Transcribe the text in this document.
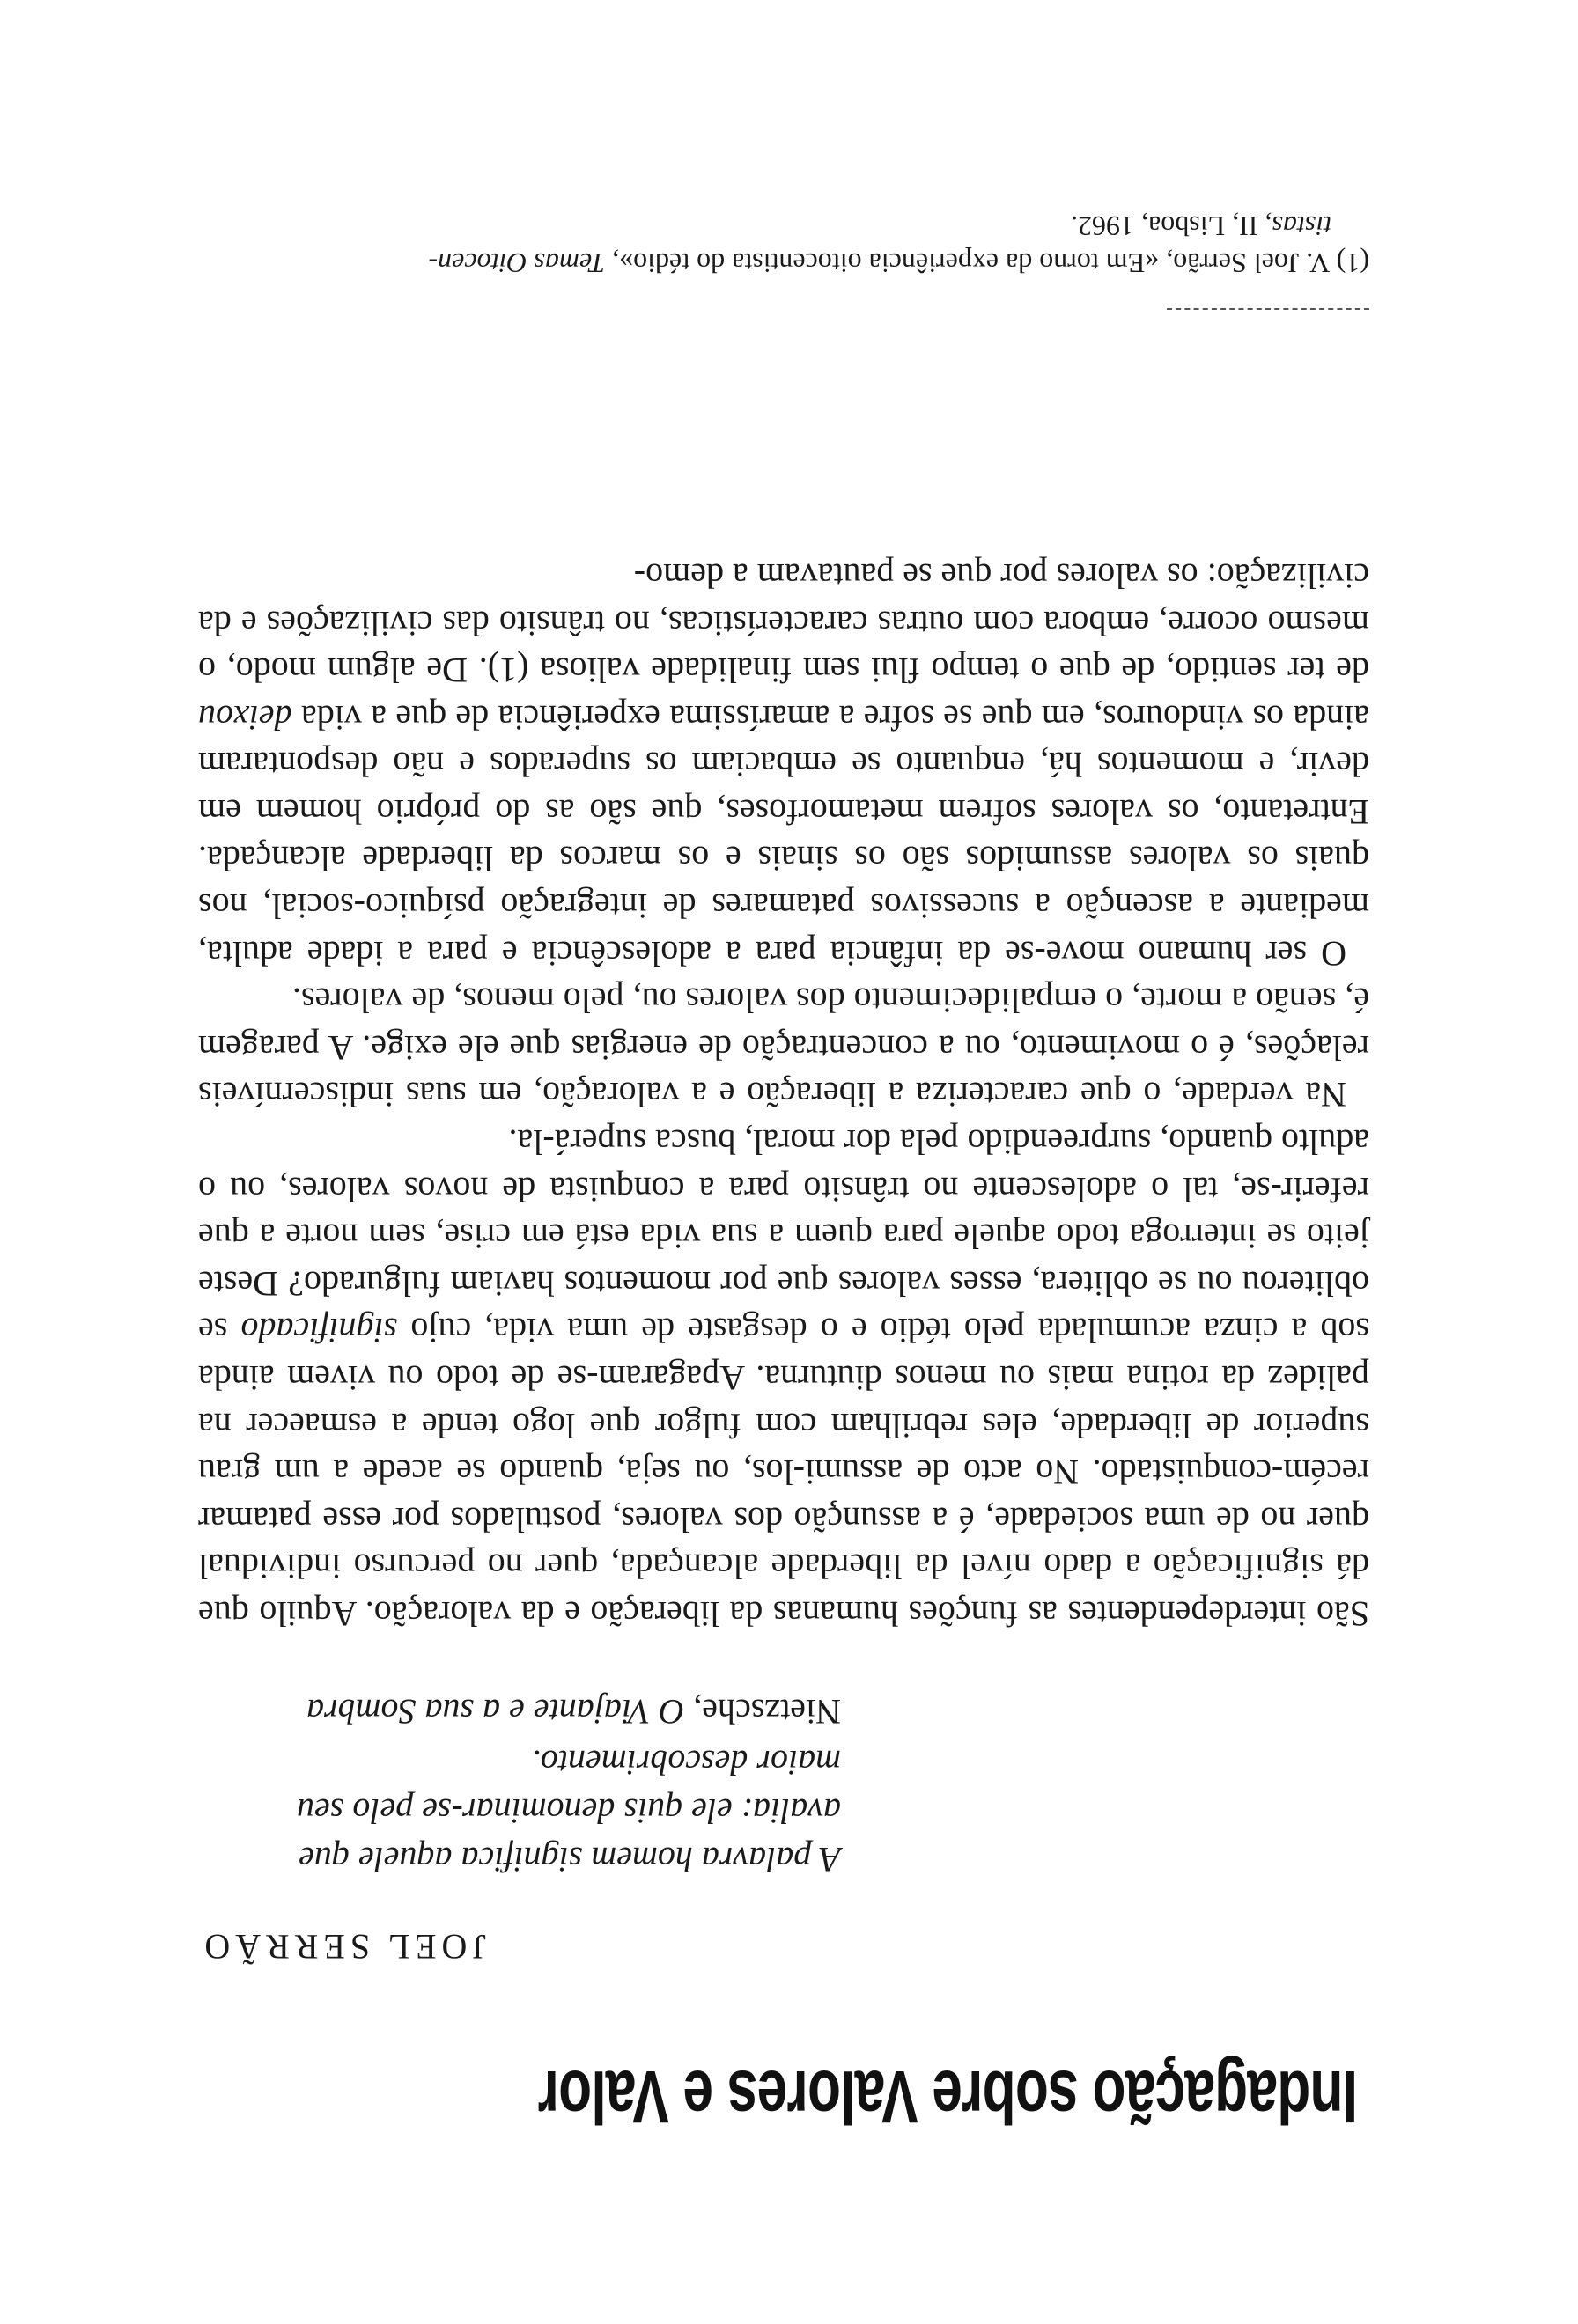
Indagação sobre Valores e Valor
JOEL SERRÃO
A palavra homem significa aquele que
avalia: ele quis denominar-se pelo seu
maior descobrimento.
Nietzsche, O Viajante e a sua Sombra

São interdependentes as funções humanas da liberação e da valoração. Aquilo que dá significação a dado nível da liberdade alcançada, quer no percurso individual quer no de uma sociedade, é a assunção dos valores, postulados por esse patamar recém-conquistado. No acto de assumi-los, ou seja, quando se acede a um grau superior de liberdade, eles rebrilham com fulgor que logo tende a esmaecer na palidez da rotina mais ou menos diuturna. Apagaram-se de todo ou vivem ainda sob a cinza acumulada pelo tédio e o desgaste de uma vida, cujo significado se obliterou ou se oblitera, esses valores que por momentos haviam fulgurado? Deste jeito se interroga todo aquele para quem a sua vida está em crise, sem norte a que referir-se, tal o adolescente no trânsito para a conquista de novos valores, ou o adulto quando, surpreendido pela dor moral, busca superá-la.

Na verdade, o que caracteriza a liberação e a valoração, em suas indiscerníveis relações, é o movimento, ou a concentração de energias que ele exige. A paragem é, senão a morte, o empalidecimento dos valores ou, pelo menos, de valores.

O ser humano move-se da infância para a adolescência e para a idade adulta, mediante a ascenção a sucessivos patamares de integração psíquico-social, nos quais os valores assumidos são os sinais e os marcos da liberdade alcançada. Entretanto, os valores sofrem metamorfoses, que são as do próprio homem em devir, e momentos há, enquanto se embaciam os superados e não despontaram ainda os vindouros, em que se sofre a amaríssima experiência de que a vida deixou de ter sentido, de que o tempo flui sem finalidade valiosa (1). De algum modo, o mesmo ocorre, embora com outras características, no trânsito das civilizações e da civilização: os valores por que se pautavam a demo-

(1) V. Joel Serrão, «Em torno da experiência oitocentista do tédio», Temas Oitocen-

tistas, II, Lisboa, 1962.
